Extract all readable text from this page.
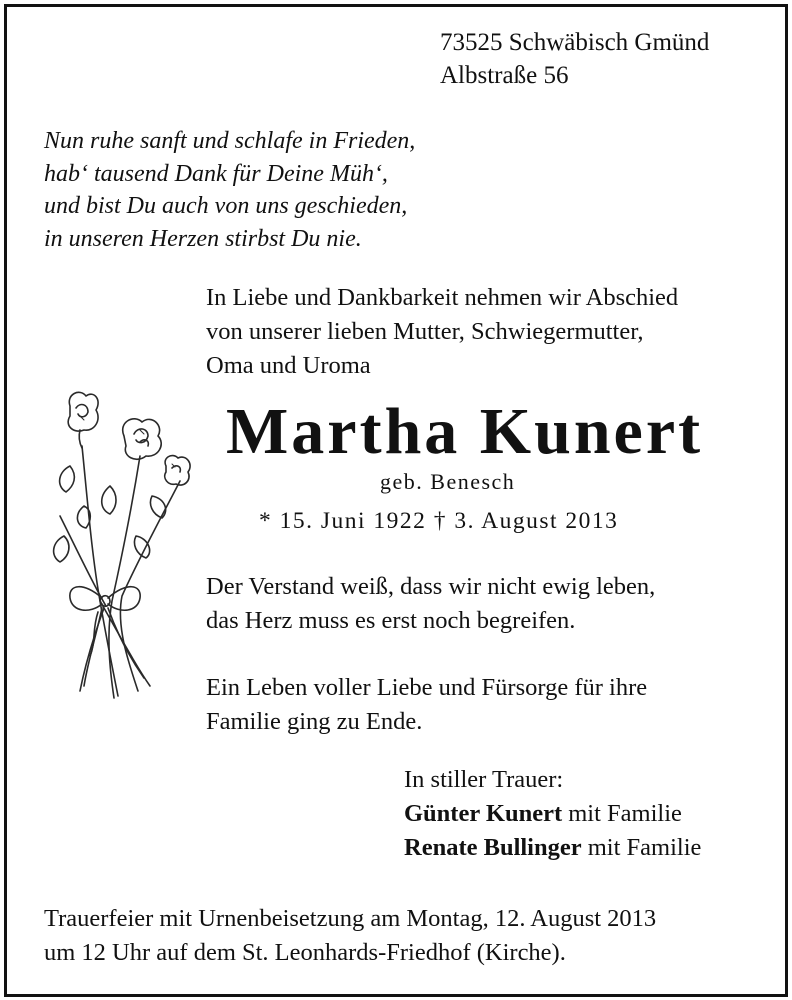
73525 Schwäbisch Gmünd
Albstraße 56
Nun ruhe sanft und schlafe in Frieden,
hab‘ tausend Dank für Deine Müh‘,
und bist Du auch von uns geschieden,
in unseren Herzen stirbst Du nie.
In Liebe und Dankbarkeit nehmen wir Abschied
von unserer lieben Mutter, Schwiegermutter,
Oma und Uroma
Martha Kunert
geb. Benesch
* 15. Juni 1922 † 3. August 2013
Der Verstand weiß, dass wir nicht ewig leben,
das Herz muss es erst noch begreifen.
Ein Leben voller Liebe und Fürsorge für ihre
Familie ging zu Ende.
In stiller Trauer:
Günter Kunert mit Familie
Renate Bullinger mit Familie
Trauerfeier mit Urnenbeisetzung am Montag, 12. August 2013
um 12 Uhr auf dem St. Leonhards-Friedhof (Kirche).
